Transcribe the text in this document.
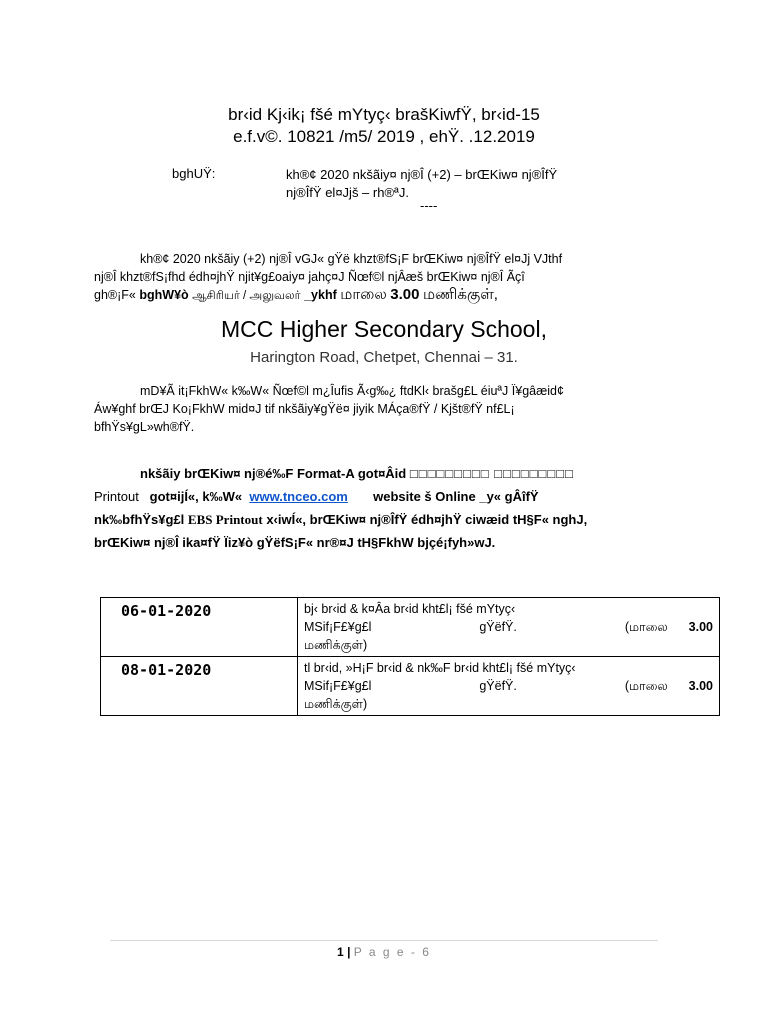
br‹id Kj‹ik¡ fšé mYtyç‹ brašKiwfŸ, br‹id-15
e.f.v©. 10821 /m5/ 2019 , ehŸ. .12.2019
bghUŸ:	kh®¢ 2020 nkšãiy¤ nj®Î (+2) – brŒKiw¤ nj®ÎfŸ
nj®ÎfŸ el¤Jjš – rh®ªJ.
----
kh®¢ 2020 nkšãiy (+2) nj®Î vGJ« gŸë khzt®fS¡F brŒKiw¤ nj®ÎfŸ el¤Jj VJthf
nj®Î khzt®fS¡fhd édh¤jhŸ njit¥g£oaiy¤ jahç¤J Ñœf©l njÂæš brŒKiw¤ nj®Î Ãçî
gh®¡F« bghW¥ò ஆசிரியர் / அலுவலர் _ykhf மாலை 3.00 மணிக்குள்,
MCC Higher Secondary School,
Harington Road, Chetpet, Chennai – 31.
mD¥Ã it¡FkhW« k‰W« Ñœf©l m¿Îufis Ã‹g‰¿ ftdKl‹ brašg£L éiuªJ Ï¥gâæid¢
Áw¥ghf brŒJ Ko¡FkhW mid¤J tif nkšãiy¥gŸë¤ jiyik MÁça®fŸ / Kjšt®fŸ nf£L¡
bfhŸs¥gL»wh®fŸ.
nkšãiy brŒKiw¤ nj®é‰F Format-A got¤Âid □□□□□□□□□ □□□□□□□□□
Printout got¤ijÍ«, k‰W« www.tnceo.com website š Online _y« gÂîfŸ
nk‰bfhŸs¥g£l EBS Printout x‹iwÍ«, brŒKiw¤ nj®ÎfŸ édh¤jhŸ ciwæid tH§F« nghJ,
brŒKiw¤ nj®Î ika¤fŸ Ïiz¥ò gŸëfS¡F« nr®¤J tH§FkhW bjçé¡fyh»wJ.
06-01-2020	bj‹ br‹id & k¤Âa br‹id kht£l¡ fšé mYtyç‹
MSif¡F£¥g£l gŸëfŸ. (மாலை 3.00
மணிக்குள்)

08-01-2020	tl br‹id, »H¡F br‹id & nk‰F br‹id kht£l¡ fšé mYtyç‹
MSif¡F£¥g£l gŸëfŸ. (மாலை 3.00
மணிக்குள்)
1 | P a g e - 6
